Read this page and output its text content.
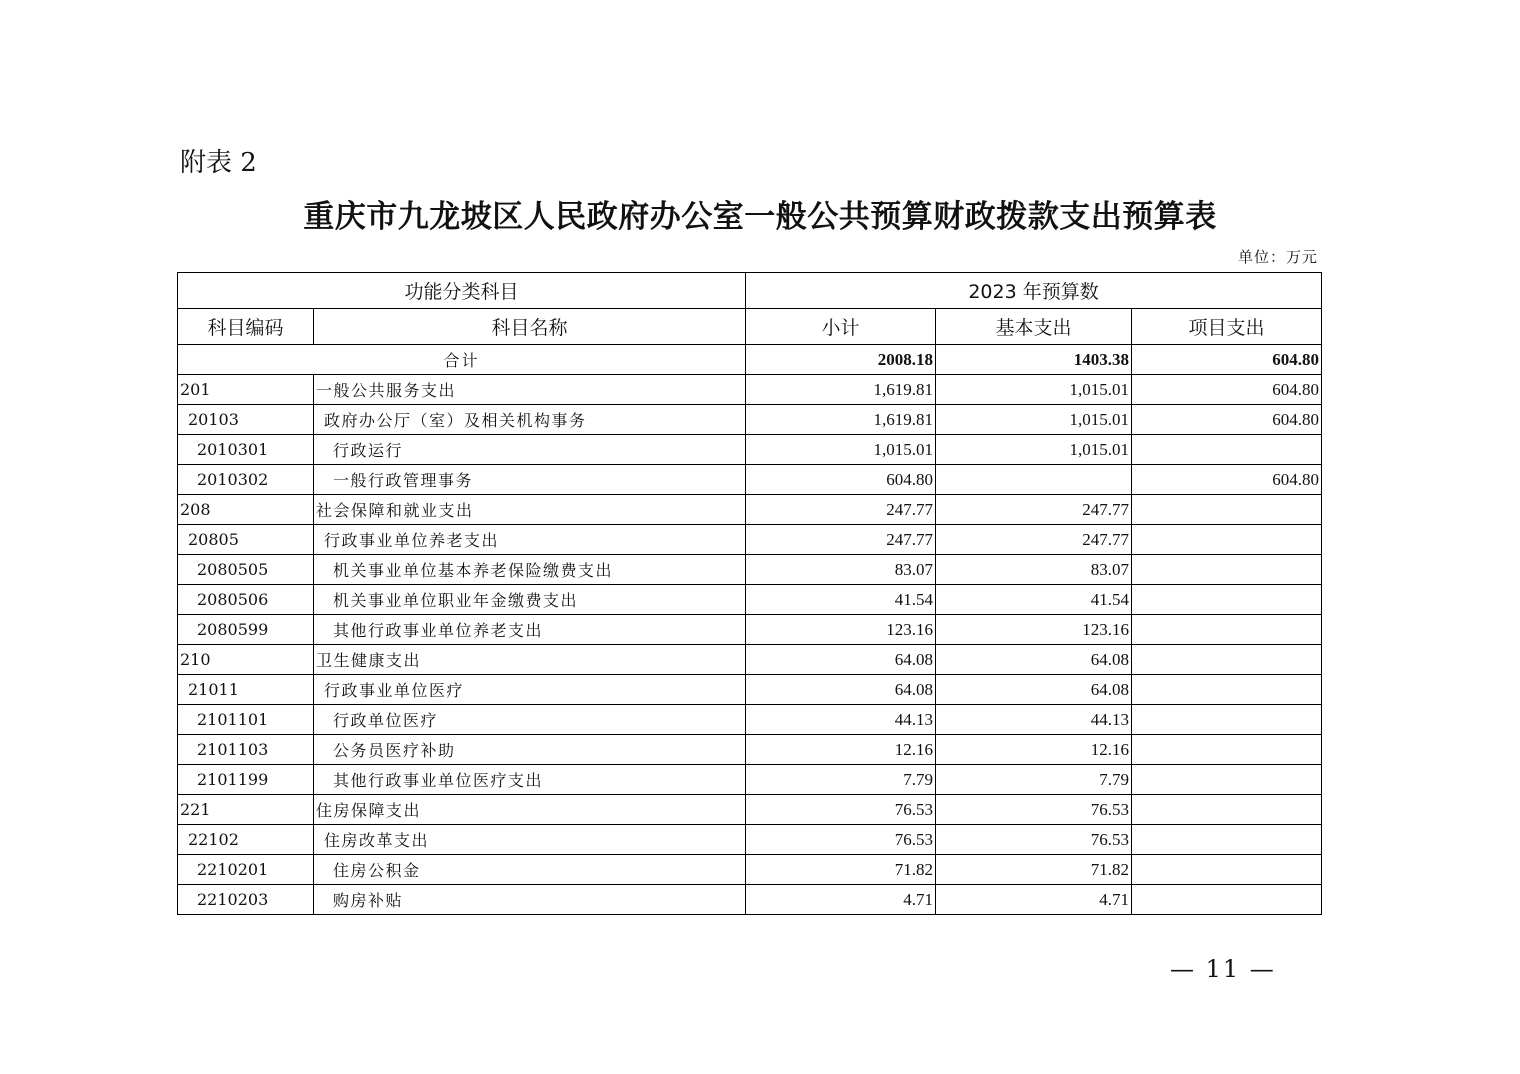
附表 2
重庆市九龙坡区人民政府办公室一般公共预算财政拨款支出预算表
单位：万元
功能分类科目		2023 年预算数		
科目编码	科目名称	小计	基本支出	项目支出
合计		2008.18	1403.38	604.80
201	一般公共服务支出	1,619.81	1,015.01	604.80
20103	政府办公厅（室）及相关机构事务	1,619.81	1,015.01	604.80
2010301	行政运行	1,015.01	1,015.01	
2010302	一般行政管理事务	604.80		604.80
208	社会保障和就业支出	247.77	247.77	
20805	行政事业单位养老支出	247.77	247.77	
2080505	机关事业单位基本养老保险缴费支出	83.07	83.07	
2080506	机关事业单位职业年金缴费支出	41.54	41.54	
2080599	其他行政事业单位养老支出	123.16	123.16	
210	卫生健康支出	64.08	64.08	
21011	行政事业单位医疗	64.08	64.08	
2101101	行政单位医疗	44.13	44.13	
2101103	公务员医疗补助	12.16	12.16	
2101199	其他行政事业单位医疗支出	7.79	7.79	
221	住房保障支出	76.53	76.53	
22102	住房改革支出	76.53	76.53	
2210201	住房公积金	71.82	71.82	
2210203	购房补贴	4.71	4.71	
— 11 —
